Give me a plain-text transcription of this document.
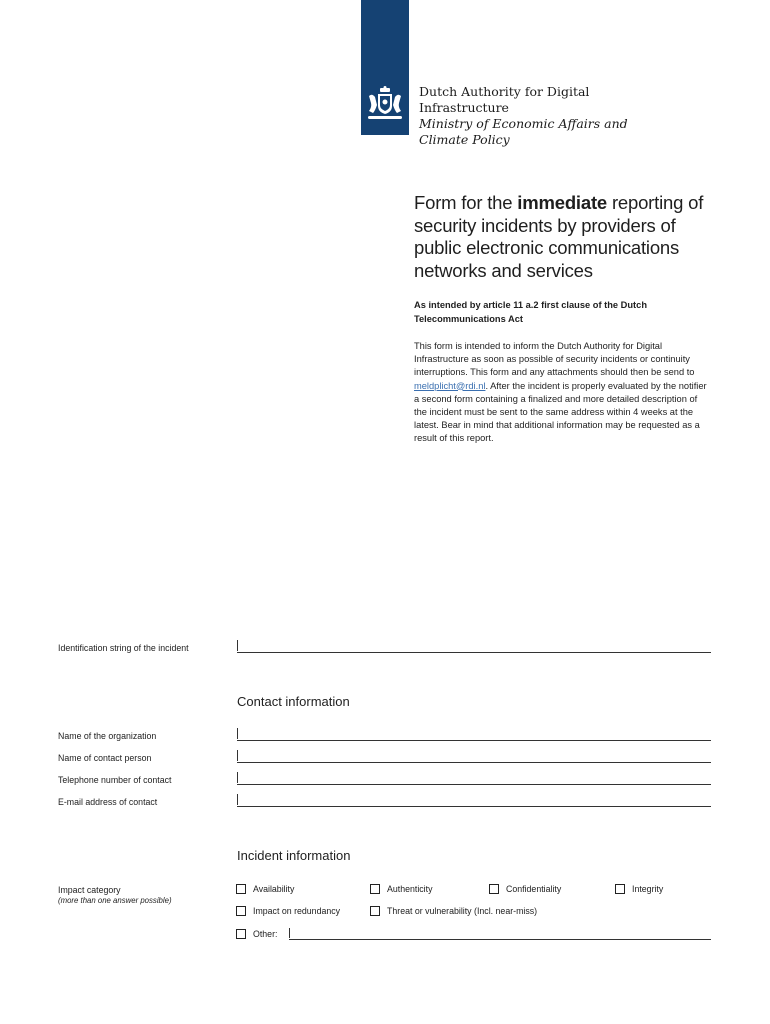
Dutch Authority for Digital
Infrastructure
Ministry of Economic Affairs and
Climate Policy
Form for the immediate reporting of security incidents by providers of public electronic communications networks and services
As intended by article 11 a.2 first clause of the Dutch Telecommunications Act
This form is intended to inform the Dutch Authority for Digital Infrastructure as soon as possible of security incidents or continuity interruptions. This form and any attachments should then be send to meldplicht@rdi.nl. After the incident is properly evaluated by the notifier a second form containing a finalized and more detailed description of the incident must be sent to the same address within 4 weeks at the latest. Bear in mind that additional information may be requested as a result of this report.
Identification string of the incident
Contact information
Name of the organization
Name of contact person
Telephone number of contact
E-mail address of contact
Incident information
Impact category
(more than one answer possible)
Availability	Authenticity	Confidentiality	Integrity
Impact on redundancy	Threat or vulnerability (Incl. near-miss)
Other:
